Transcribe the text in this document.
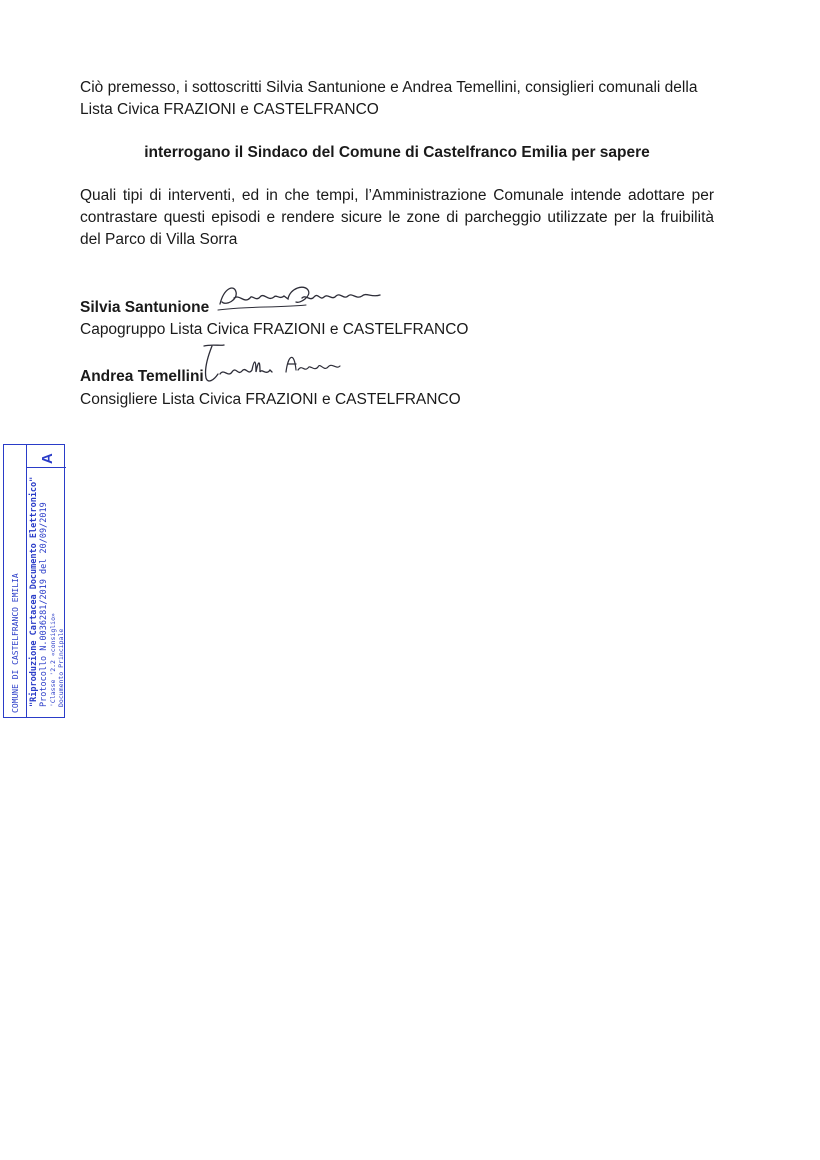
Ciò premesso, i sottoscritti Silvia Santunione e Andrea Temellini, consiglieri comunali della
Lista Civica FRAZIONI e CASTELFRANCO

interrogano il Sindaco del Comune di Castelfranco Emilia per sapere

Quali tipi di interventi, ed in che tempi, l’Amministrazione Comunale intende adottare per contrastare questi episodi e rendere sicure le zone di parcheggio utilizzate per la fruibilità del Parco di Villa Sorra

Silvia Santunione
Capogruppo Lista Civica FRAZIONI e CASTELFRANCO
Andrea Temellini
Consigliere Lista Civica FRAZIONI e CASTELFRANCO
COMUNE DI CASTELFRANCO EMILIA
A
"Riproduzione Cartacea Documento Elettronico" Protocollo N.0036281/2019 del 20/09/2019 'Classe '2.2 «consiglio» Documento Principale
